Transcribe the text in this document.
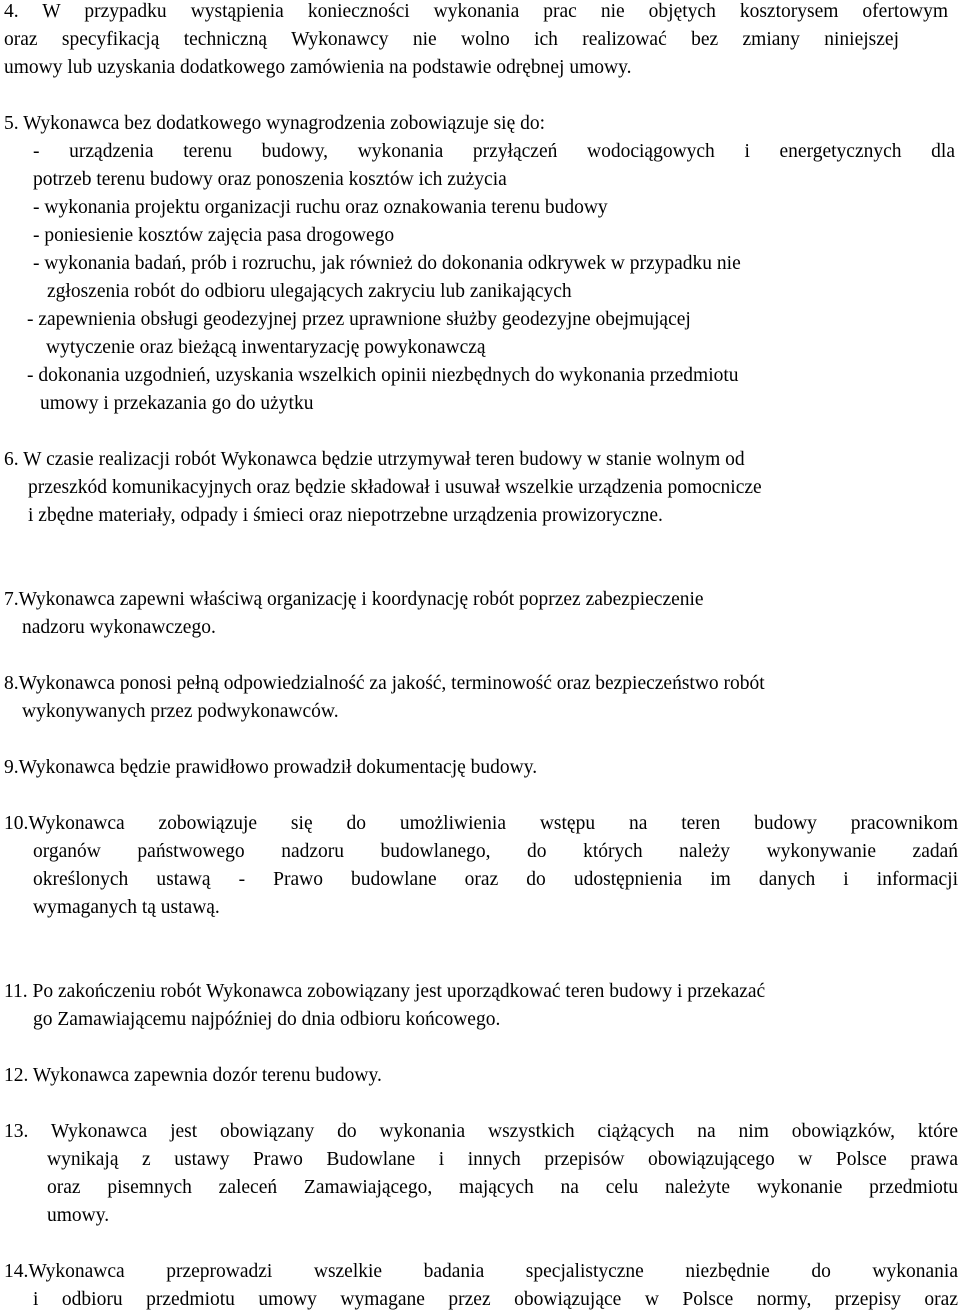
4. W przypadku wystąpienia konieczności wykonania prac nie objętych kosztorysem ofertowym
oraz specyfikacją techniczną Wykonawcy nie wolno ich realizować bez zmiany niniejszej
umowy lub uzyskania dodatkowego zamówienia na podstawie odrębnej umowy.
5. Wykonawca bez dodatkowego wynagrodzenia zobowiązuje się do:
- urządzenia terenu budowy, wykonania przyłączeń wodociągowych i energetycznych dla
potrzeb terenu budowy oraz ponoszenia kosztów ich zużycia
- wykonania projektu organizacji ruchu oraz oznakowania terenu budowy
- poniesienie kosztów zajęcia pasa drogowego
- wykonania badań, prób i rozruchu, jak również do dokonania odkrywek w przypadku nie
zgłoszenia robót do odbioru ulegających zakryciu lub zanikających
- zapewnienia obsługi geodezyjnej przez uprawnione służby geodezyjne obejmującej
wytyczenie oraz bieżącą inwentaryzację powykonawczą
- dokonania uzgodnień, uzyskania wszelkich opinii niezbędnych do wykonania przedmiotu
umowy i przekazania go do użytku
6. W czasie realizacji robót Wykonawca będzie utrzymywał teren budowy w stanie wolnym od
przeszkód komunikacyjnych oraz będzie składował i usuwał wszelkie urządzenia pomocnicze
i zbędne materiały, odpady i śmieci oraz niepotrzebne urządzenia prowizoryczne.
7.Wykonawca zapewni właściwą organizację i koordynację robót poprzez zabezpieczenie
nadzoru wykonawczego.
8.Wykonawca ponosi pełną odpowiedzialność za jakość, terminowość oraz bezpieczeństwo robót
wykonywanych przez podwykonawców.
9.Wykonawca będzie prawidłowo prowadził dokumentację budowy.
10.Wykonawca zobowiązuje się do umożliwienia wstępu na teren budowy pracownikom
organów państwowego nadzoru budowlanego, do których należy wykonywanie zadań
określonych ustawą - Prawo budowlane oraz do udostępnienia im danych i informacji
wymaganych tą ustawą.
11. Po zakończeniu robót Wykonawca zobowiązany jest uporządkować teren budowy i przekazać
go Zamawiającemu najpóźniej do dnia odbioru końcowego.
12. Wykonawca zapewnia dozór terenu budowy.
13. Wykonawca jest obowiązany do wykonania wszystkich ciążących na nim obowiązków, które
wynikają z ustawy Prawo Budowlane i innych przepisów obowiązującego w Polsce prawa
oraz pisemnych zaleceń Zamawiającego, mających na celu należyte wykonanie przedmiotu
umowy.
14.Wykonawca przeprowadzi wszelkie badania specjalistyczne niezbędnie do wykonania
i odbioru przedmiotu umowy wymagane przez obowiązujące w Polsce normy, przepisy oraz
